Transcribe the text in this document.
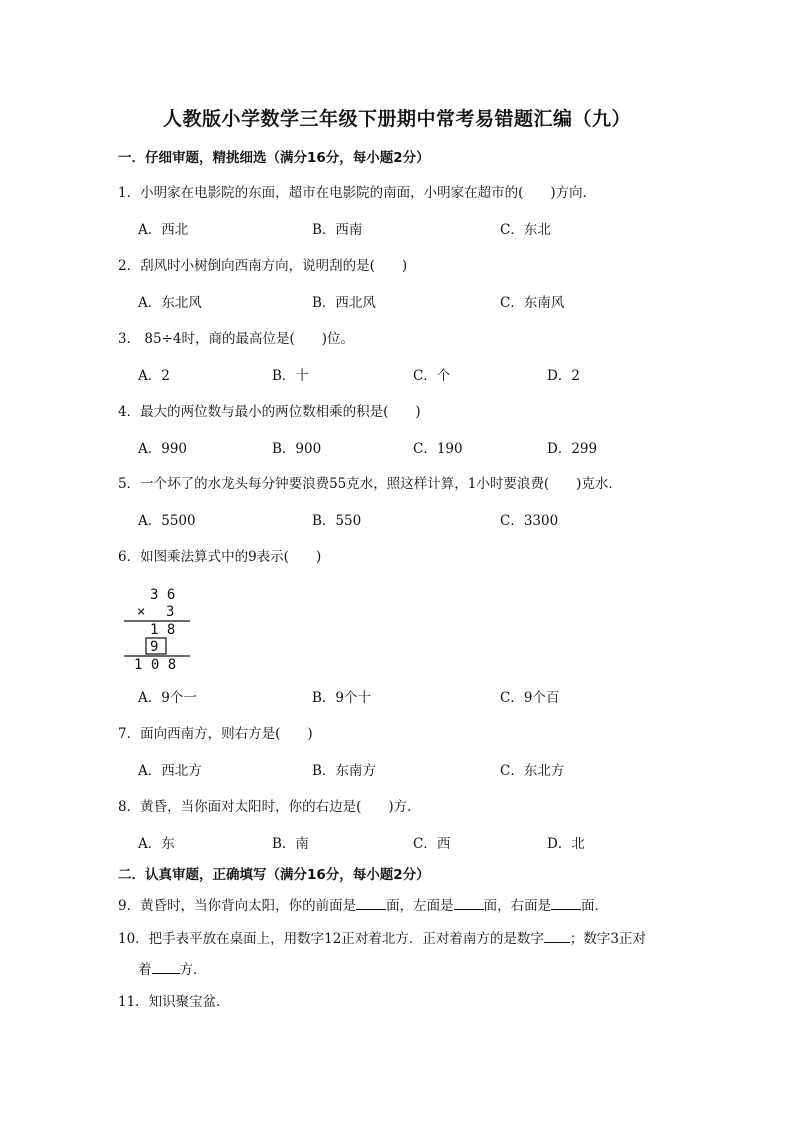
人教版小学数学三年级下册期中常考易错题汇编（九）
一．仔细审题，精挑细选（满分16分，每小题2分）
1．小明家在电影院的东面，超市在电影院的南面，小明家在超市的(　　)方向．
A．西北	B．西南	C．东北
2．刮风时小树倒向西南方向，说明刮的是(　　)
A．东北风	B．西北风	C．东南风
3． 85÷4时，商的最高位是(　　)位。
A．2	B．十	C．个	D．2
4．最大的两位数与最小的两位数相乘的积是(　　)
A．990	B．900	C．190	D．299
5．一个坏了的水龙头每分钟要浪费55克水，照这样计算，1小时要浪费(　　)克水．
A．5500	B．550	C．3300
6．如图乘法算式中的9表示(　　)
3 6
× 3
1 8
9
1 0 8
A．9个一	B．9个十	C．9个百
7．面向西南方，则右方是(　　)
A．西北方	B．东南方	C．东北方
8．黄昏，当你面对太阳时，你的右边是(　　)方．
A．东	B．南	C．西	D．北
二．认真审题，正确填写（满分16分，每小题2分）
9．黄昏时，当你背向太阳，你的前面是 面，左面是 面，右面是 面．
10．把手表平放在桌面上，用数字12正对着北方．正对着南方的是数字 ；数字3正对
着 方．
11．知识聚宝盆．
